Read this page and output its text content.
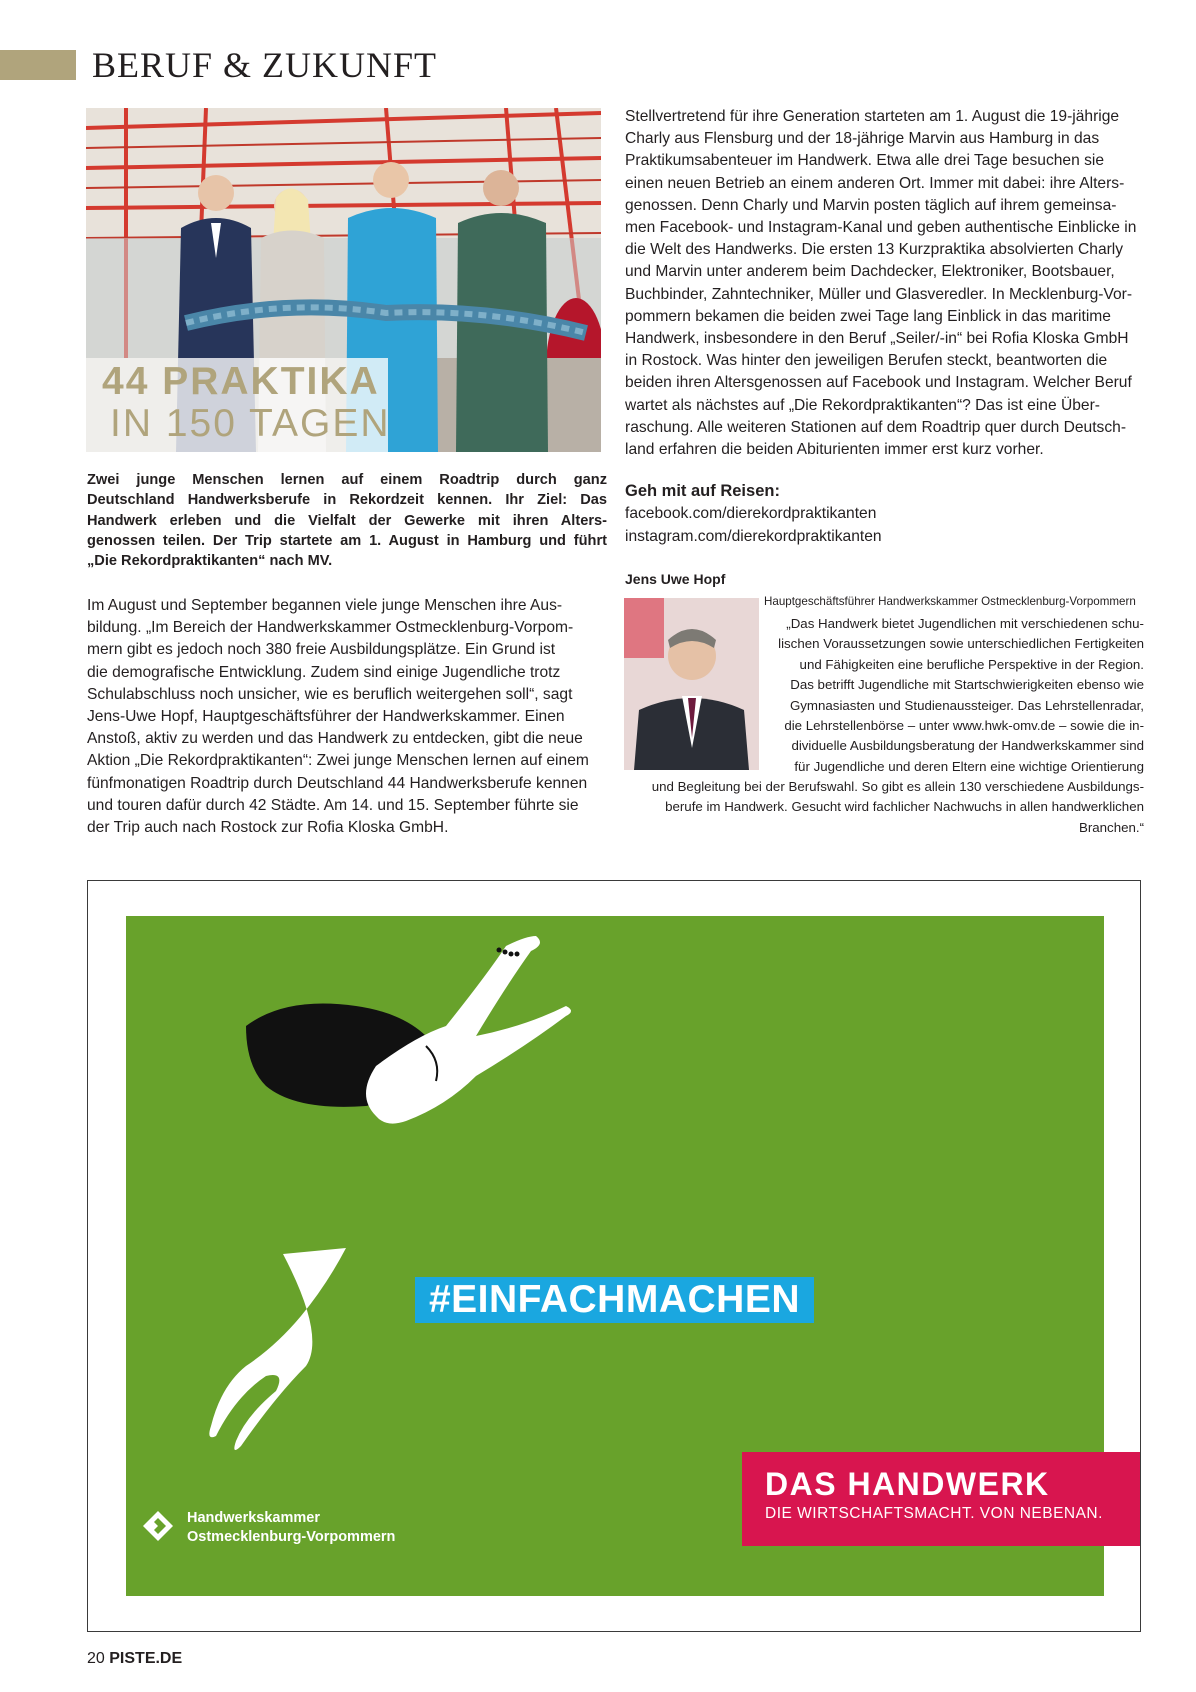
BERUF & ZUKUNFT
44 PRAKTIKA
IN 150 TAGEN
Zwei junge Menschen lernen auf einem Roadtrip durch ganz
Deutschland Handwerksberufe in Rekordzeit kennen. Ihr Ziel: Das
Handwerk erleben und die Vielfalt der Gewerke mit ihren Alters-
genossen teilen. Der Trip startete am 1. August in Hamburg und führt
„Die Rekordpraktikanten“ nach MV.
Im August und September begannen viele junge Menschen ihre Aus-
bildung. „Im Bereich der Handwerkskammer Ostmecklenburg-Vorpom-
mern gibt es jedoch noch 380 freie Ausbildungsplätze. Ein Grund ist
die demografische Entwicklung. Zudem sind einige Jugendliche trotz
Schulabschluss noch unsicher, wie es beruflich weitergehen soll“, sagt
Jens-Uwe Hopf, Hauptgeschäftsführer der Handwerkskammer. Einen
Anstoß, aktiv zu werden und das Handwerk zu entdecken, gibt die neue
Aktion „Die Rekordpraktikanten“: Zwei junge Menschen lernen auf einem
fünfmonatigen Roadtrip durch Deutschland 44 Handwerksberufe kennen
und touren dafür durch 42 Städte. Am 14. und 15. September führte sie
der Trip auch nach Rostock zur Rofia Kloska GmbH.
Stellvertretend für ihre Generation starteten am 1. August die 19-jährige
Charly aus Flensburg und der 18-jährige Marvin aus Hamburg in das
Praktikumsabenteuer im Handwerk. Etwa alle drei Tage besuchen sie
einen neuen Betrieb an einem anderen Ort. Immer mit dabei: ihre Alters-
genossen. Denn Charly und Marvin posten täglich auf ihrem gemeinsa-
men Facebook- und Instagram-Kanal und geben authentische Einblicke in
die Welt des Handwerks. Die ersten 13 Kurzpraktika absolvierten Charly
und Marvin unter anderem beim Dachdecker, Elektroniker, Bootsbauer,
Buchbinder, Zahntechniker, Müller und Glasveredler. In Mecklenburg-Vor-
pommern bekamen die beiden zwei Tage lang Einblick in das maritime
Handwerk, insbesondere in den Beruf „Seiler/-in“ bei Rofia Kloska GmbH
in Rostock. Was hinter den jeweiligen Berufen steckt, beantworten die
beiden ihren Altersgenossen auf Facebook und Instagram. Welcher Beruf
wartet als nächstes auf „Die Rekordpraktikanten“? Das ist eine Über-
raschung. Alle weiteren Stationen auf dem Roadtrip quer durch Deutsch-
land erfahren die beiden Abiturienten immer erst kurz vorher.
Geh mit auf Reisen:
facebook.com/dierekordpraktikanten
instagram.com/dierekordpraktikanten
Jens Uwe Hopf
Hauptgeschäftsführer Handwerkskammer Ostmecklenburg-Vorpommern
„Das Handwerk bietet Jugendlichen mit verschiedenen schu-
lischen Voraussetzungen sowie unterschiedlichen Fertigkeiten
und Fähigkeiten eine berufliche Perspektive in der Region.
Das betrifft Jugendliche mit Startschwierigkeiten ebenso wie
Gymnasiasten und Studienaussteiger. Das Lehrstellenradar,
die Lehrstellenbörse – unter www.hwk-omv.de – sowie die in-
dividuelle Ausbildungsberatung der Handwerkskammer sind
für Jugendliche und deren Eltern eine wichtige Orientierung
und Begleitung bei der Berufswahl. So gibt es allein 130 verschiedene Ausbildungs-
berufe im Handwerk. Gesucht wird fachlicher Nachwuchs in allen handwerklichen
Branchen.“
#EINFACHMACHEN
Handwerkskammer
Ostmecklenburg-Vorpommern
DAS HANDWERK
DIE WIRTSCHAFTSMACHT. VON NEBENAN.
20 PISTE.DE
